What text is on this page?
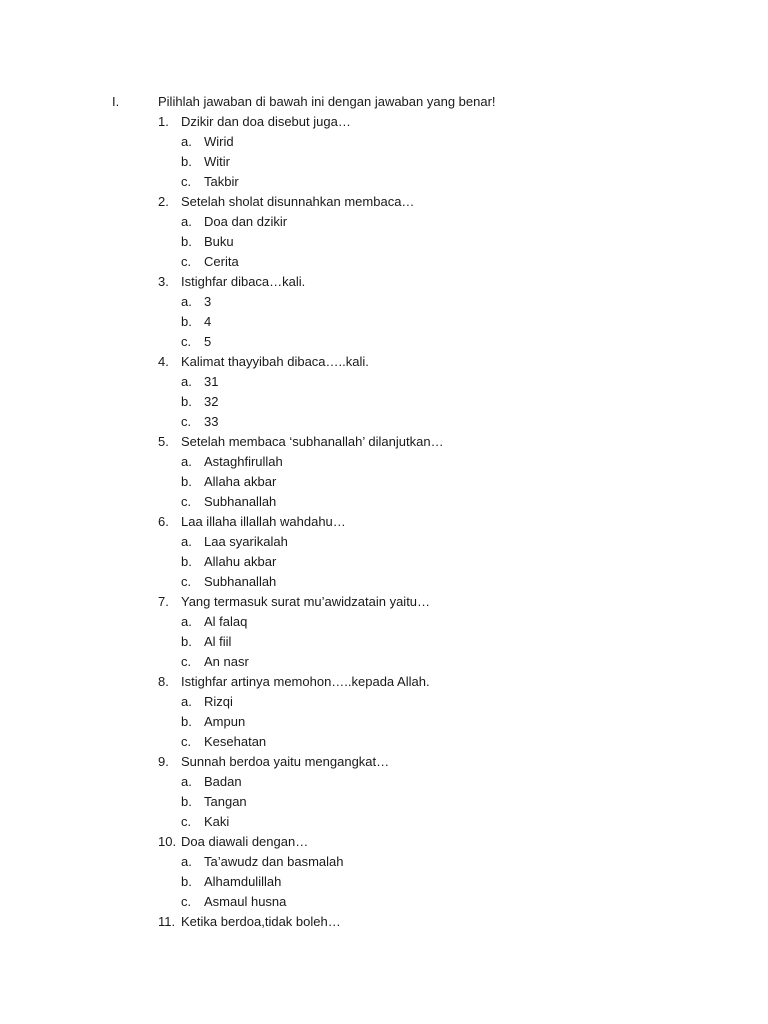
I.	Pilihlah jawaban di bawah ini dengan jawaban yang benar!
1. Dzikir dan doa disebut juga…
a. Wirid
b. Witir
c. Takbir
2. Setelah sholat disunnahkan membaca…
a. Doa dan dzikir
b. Buku
c. Cerita
3. Istighfar dibaca…kali.
a. 3
b. 4
c. 5
4. Kalimat thayyibah dibaca…..kali.
a. 31
b. 32
c. 33
5. Setelah membaca ‘subhanallah’ dilanjutkan…
a. Astaghfirullah
b. Allaha akbar
c. Subhanallah
6. Laa illaha illallah wahdahu…
a. Laa syarikalah
b. Allahu akbar
c. Subhanallah
7. Yang termasuk surat mu’awidzatain yaitu…
a. Al falaq
b. Al fiil
c. An nasr
8. Istighfar artinya memohon…..kepada Allah.
a. Rizqi
b. Ampun
c. Kesehatan
9. Sunnah berdoa yaitu mengangkat…
a. Badan
b. Tangan
c. Kaki
10. Doa diawali dengan…
a. Ta’awudz dan basmalah
b. Alhamdulillah
c. Asmaul husna
11. Ketika berdoa,tidak boleh…
